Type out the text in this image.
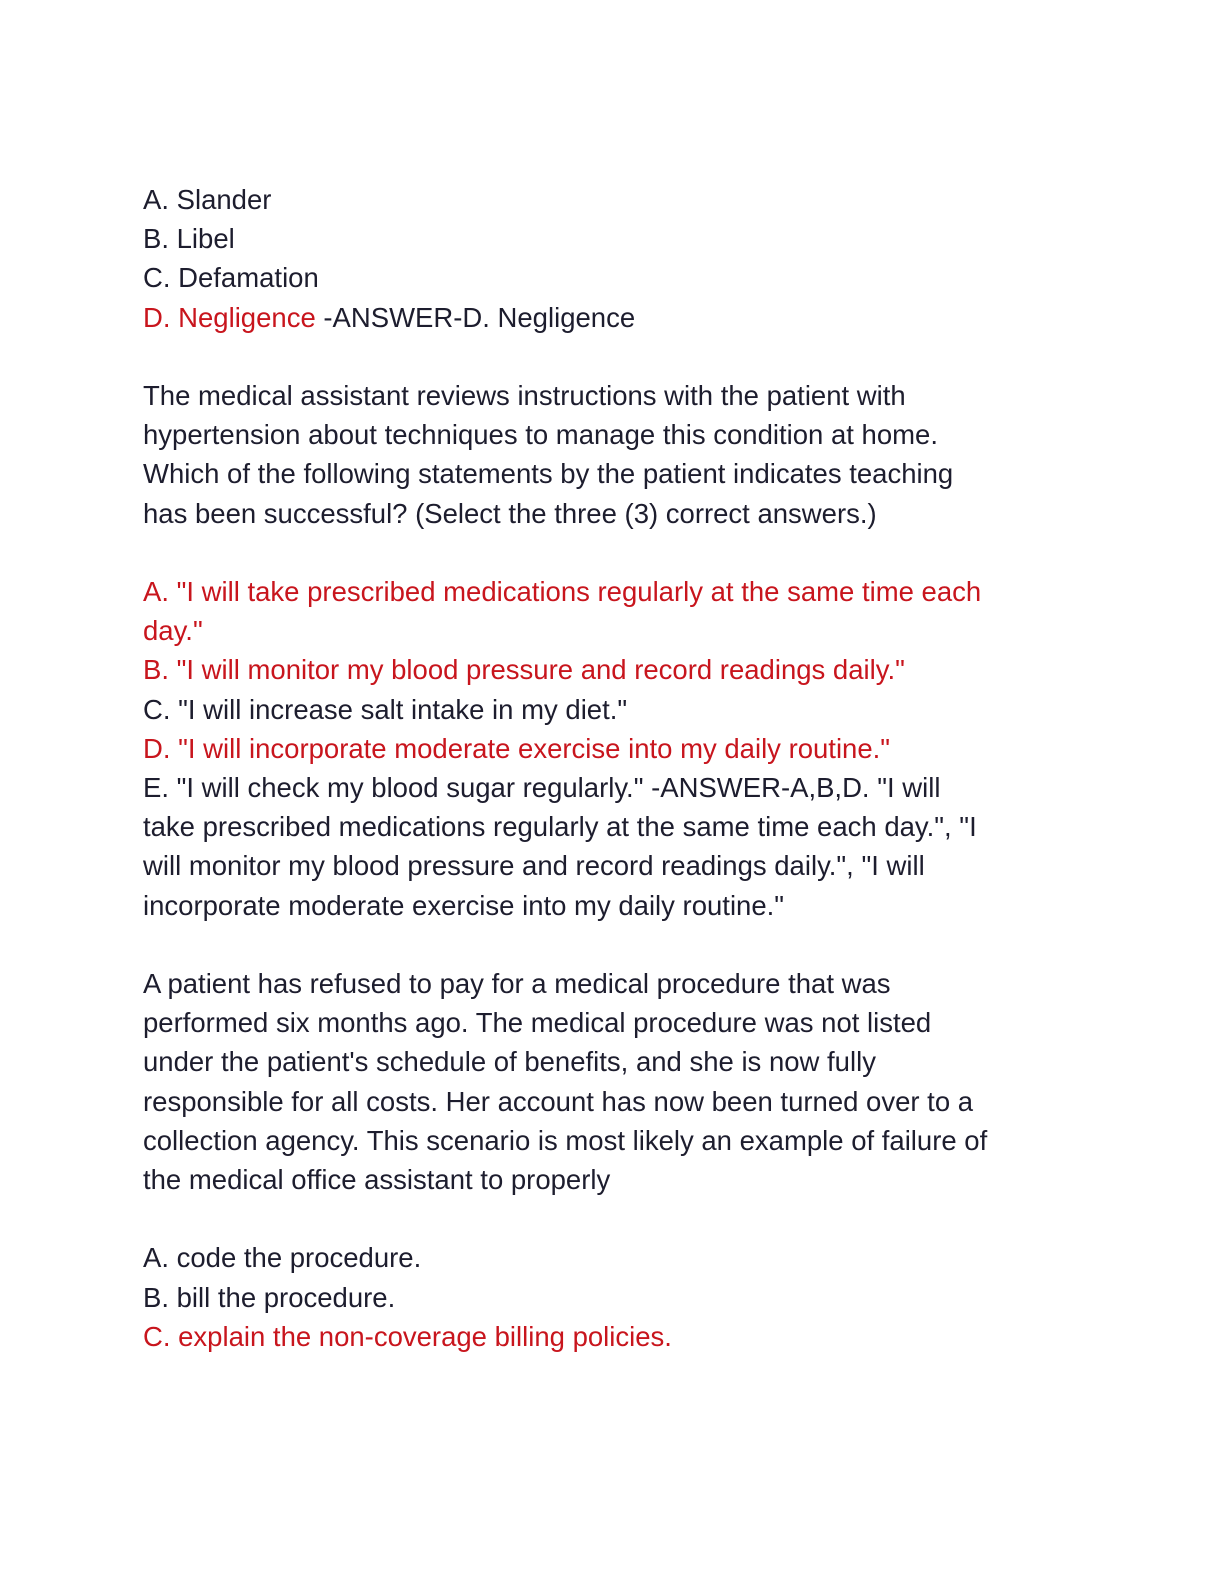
A. Slander
B. Libel
C. Defamation
D. Negligence -ANSWER-D. Negligence
The medical assistant reviews instructions with the patient with
hypertension about techniques to manage this condition at home.
Which of the following statements by the patient indicates teaching
has been successful? (Select the three (3) correct answers.)
A. "I will take prescribed medications regularly at the same time each
day."
B. "I will monitor my blood pressure and record readings daily."
C. "I will increase salt intake in my diet."
D. "I will incorporate moderate exercise into my daily routine."
E. "I will check my blood sugar regularly." -ANSWER-A,B,D. "I will
take prescribed medications regularly at the same time each day.", "I
will monitor my blood pressure and record readings daily.", "I will
incorporate moderate exercise into my daily routine."
A patient has refused to pay for a medical procedure that was
performed six months ago. The medical procedure was not listed
under the patient's schedule of benefits, and she is now fully
responsible for all costs. Her account has now been turned over to a
collection agency. This scenario is most likely an example of failure of
the medical office assistant to properly
A. code the procedure.
B. bill the procedure.
C. explain the non-coverage billing policies.
